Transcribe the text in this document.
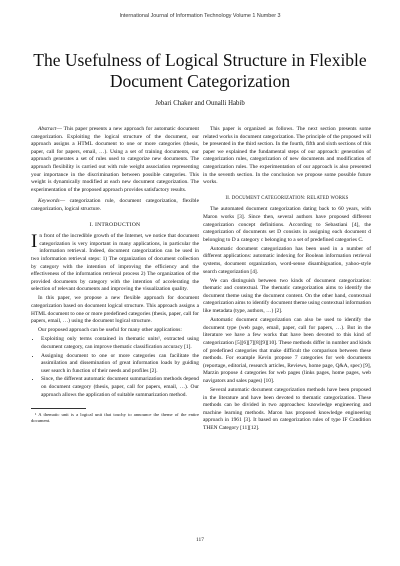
International Journal of Information Technology Volume 1 Number 3
The Usefulness of Logical Structure in Flexible Document Categorization
Jebari Chaker and Ounalli Habib

Abstract— This paper presents a new approach for automatic document categorization. Exploiting the logical structure of the document, our approach assigns a HTML document to one or more categories (thesis, paper, call for papers, email, …). Using a set of training documents, our approach generates a set of rules used to categorize new documents. The approach flexibility is carried out with rule weight association representing your importance in the discrimination between possible categories. This weight is dynamically modified at each new document categorization. The experimentation of the proposed approach provides satisfactory results.

Keywords— categorization rule, document categorization, flexible categorization, logical structure.

I. INTRODUCTION

In front of the incredible growth of the Internet, we notice that document categorization is very important in many applications, in particular the information retrieval. Indeed, document categorization can be used in two information retrieval steps: 1) The organization of document collection by category with the intention of improving the efficiency and the effectiveness of the information retrieval process 2) The organization of the provided documents by category with the intention of accelerating the selection of relevant documents and improving the visualization quality.

In this paper, we propose a new flexible approach for document categorization based on document logical structure. This approach assigns a HTML document to one or more predefined categories (thesis, paper, call for papers, email, …) using the document logical structure.

Our proposed approach can be useful for many other applications:

• Exploiting only terms contained in thematic units¹, extracted using document category, can improve thematic classification accuracy [1].
• Assigning document to one or more categories can facilitate the assimilation and dissemination of great information loads by guiding user search in function of their needs and profiles [2].
• Since, the different automatic document summarization methods depend on document category (thesis, paper, call for papers, email, …). Our approach allows the application of suitable summarization method.

¹ A thematic unit is a logical unit that touchy to announce the theme of the entire document.

This paper is organized as follows. The next section presents some related works in document categorization. The principle of the proposed will be presented in the third section. In the fourth, fifth and sixth sections of this paper we explained the fundamental steps of our approach: generation of categorization rules, categorization of new documents and modification of categorization rules. The experimentation of our approach is also presented in the seventh section. In the conclusion we propose some possible future works.

II. DOCUMENT CATEGORIZATION: RELATED WORKS

The automated document categorization dating back to 60 years, with Maron works [3]. Since then, several authors have proposed different categorization concept definitions. According to Sebastiani [4], the categorization of documents set D consists in assigning each document d belonging to D a category c belonging to a set of predefined categories C.

Automatic document categorization has been used in a number of different applications: automatic indexing for Boolean information retrieval systems, document organization, word-sense disambiguation, yahoo-style search categorization [4].

We can distinguish between two kinds of document categorization: thematic and contextual. The thematic categorization aims to identify the document theme using the document content. On the other hand, contextual categorization aims to identify document theme using contextual information like metadata (type, authors, …) [2].

Automatic document categorization can also be used to identify the document type (web page, email, paper, call for papers, …). But in the literature we have a few works that have been devoted to this kind of categorization [5][6][7][8][9][10]. These methods differ in number and kinds of predefined categories that make difficult the comparison between these methods. For example Kevin propose 7 categories for web documents (reportage, editorial, research articles, Reviews, home page, Q&A, spec) [9], Marzin propose 4 categories for web pages (links pages, home pages, web navigators and sales pages) [10].

Several automatic document categorization methods have been proposed in the literature and have been devoted to thematic categorization. These methods can be divided in two approaches: knowledge engineering and machine learning methods. Maron has proposed knowledge engineering approach in 1961 [3]. It based on categorization rules of type IF Condition THEN Category [11][12].

117
